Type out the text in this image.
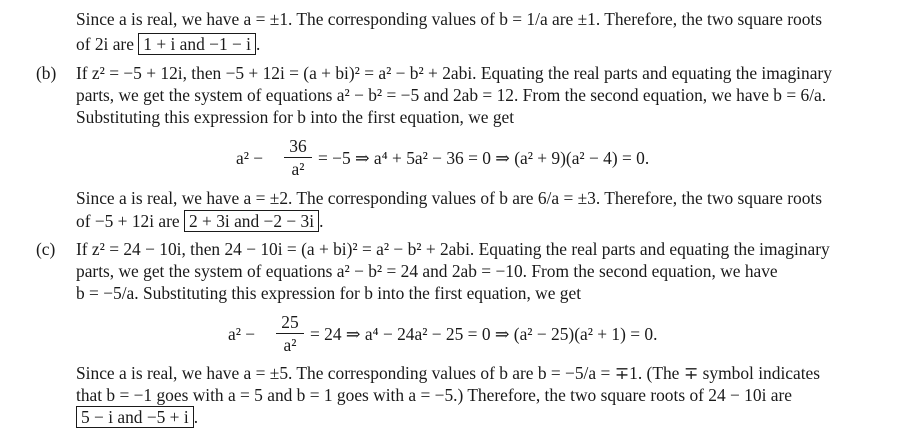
Since a is real, we have a = ±1. The corresponding values of b = 1/a are ±1. Therefore, the two square roots
of 2i are 1 + i and −1 − i .
(b) If z² = −5 + 12i, then −5 + 12i = (a + bi)² = a² − b² + 2abi. Equating the real parts and equating the imaginary
parts, we get the system of equations a² − b² = −5 and 2ab = 12. From the second equation, we have b = 6/a.
Substituting this expression for b into the first equation, we get
a² −
36
a²
= −5 ⇒ a⁴ + 5a² − 36 = 0 ⇒ (a² + 9)(a² − 4) = 0.
Since a is real, we have a = ±2. The corresponding values of b are 6/a = ±3. Therefore, the two square roots
of −5 + 12i are 2 + 3i and −2 − 3i .
(c) If z² = 24 − 10i, then 24 − 10i = (a + bi)² = a² − b² + 2abi. Equating the real parts and equating the imaginary
parts, we get the system of equations a² − b² = 24 and 2ab = −10. From the second equation, we have
b = −5/a. Substituting this expression for b into the first equation, we get
a² −
25
a²
= 24 ⇒ a⁴ − 24a² − 25 = 0 ⇒ (a² − 25)(a² + 1) = 0.
Since a is real, we have a = ±5. The corresponding values of b are b = −5/a = ∓1. (The ∓ symbol indicates
that b = −1 goes with a = 5 and b = 1 goes with a = −5.) Therefore, the two square roots of 24 − 10i are
5 − i and −5 + i .
